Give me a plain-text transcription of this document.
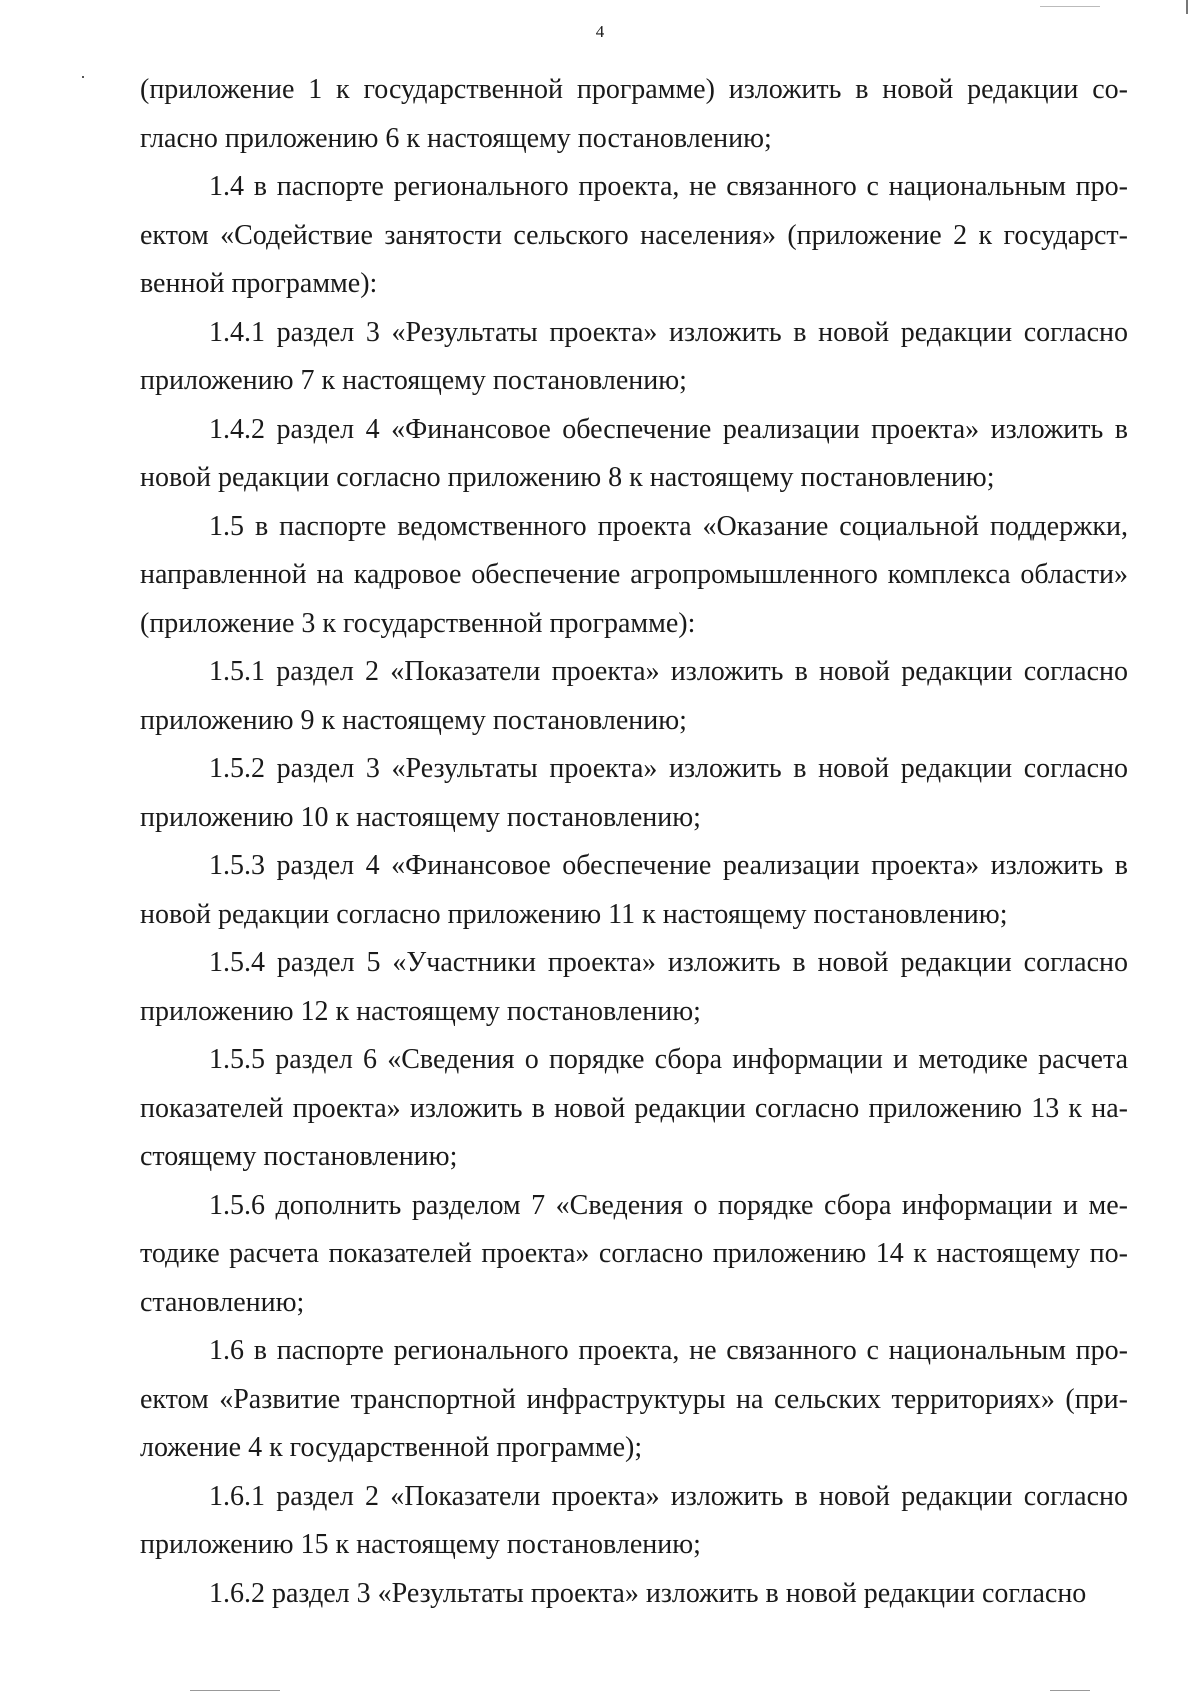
4

(приложение 1 к государственной программе) изложить в новой редакции согласно приложению 6 к настоящему постановлению;

1.4 в паспорте регионального проекта, не связанного с национальным проектом «Содействие занятости сельского населения» (приложение 2 к государственной программе):

1.4.1 раздел 3 «Результаты проекта» изложить в новой редакции согласно приложению 7 к настоящему постановлению;

1.4.2 раздел 4 «Финансовое обеспечение реализации проекта» изложить в новой редакции согласно приложению 8 к настоящему постановлению;

1.5 в паспорте ведомственного проекта «Оказание социальной поддержки, направленной на кадровое обеспечение агропромышленного комплекса области» (приложение 3 к государственной программе):

1.5.1 раздел 2 «Показатели проекта» изложить в новой редакции согласно приложению 9 к настоящему постановлению;

1.5.2 раздел 3 «Результаты проекта» изложить в новой редакции согласно приложению 10 к настоящему постановлению;

1.5.3 раздел 4 «Финансовое обеспечение реализации проекта» изложить в новой редакции согласно приложению 11 к настоящему постановлению;

1.5.4 раздел 5 «Участники проекта» изложить в новой редакции согласно приложению 12 к настоящему постановлению;

1.5.5 раздел 6 «Сведения о порядке сбора информации и методике расчета показателей проекта» изложить в новой редакции согласно приложению 13 к настоящему постановлению;

1.5.6 дополнить разделом 7 «Сведения о порядке сбора информации и методике расчета показателей проекта» согласно приложению 14 к настоящему постановлению;

1.6 в паспорте регионального проекта, не связанного с национальным проектом «Развитие транспортной инфраструктуры на сельских территориях» (приложение 4 к государственной программе);

1.6.1 раздел 2 «Показатели проекта» изложить в новой редакции согласно приложению 15 к настоящему постановлению;

1.6.2 раздел 3 «Результаты проекта» изложить в новой редакции согласно
